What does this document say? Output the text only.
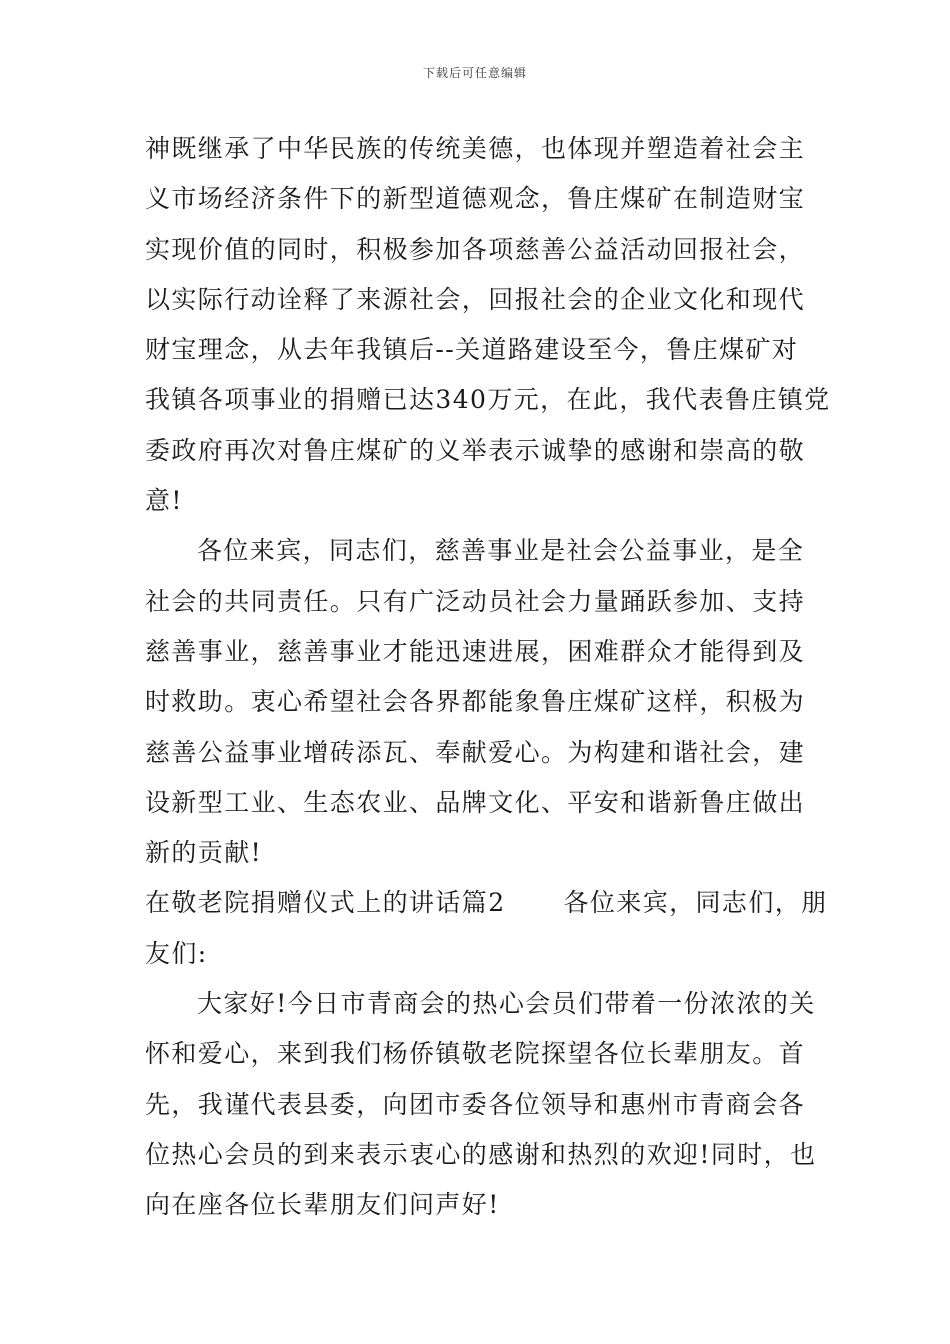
下载后可任意编辑
神既继承了中华民族的传统美德，也体现并塑造着社会主
义市场经济条件下的新型道德观念，鲁庄煤矿在制造财宝
实现价值的同时，积极参加各项慈善公益活动回报社会，
以实际行动诠释了来源社会，回报社会的企业文化和现代
财宝理念，从去年我镇后--关道路建设至今，鲁庄煤矿对
我镇各项事业的捐赠已达340万元，在此，我代表鲁庄镇党
委政府再次对鲁庄煤矿的义举表示诚挚的感谢和崇高的敬
意!
各位来宾，同志们，慈善事业是社会公益事业，是全
社会的共同责任。只有广泛动员社会力量踊跃参加、支持
慈善事业，慈善事业才能迅速进展，困难群众才能得到及
时救助。衷心希望社会各界都能象鲁庄煤矿这样，积极为
慈善公益事业增砖添瓦、奉献爱心。为构建和谐社会，建
设新型工业、生态农业、品牌文化、平安和谐新鲁庄做出
新的贡献!
在敬老院捐赠仪式上的讲话篇2 各位来宾，同志们，朋
友们:
大家好!今日市青商会的热心会员们带着一份浓浓的关
怀和爱心，来到我们杨侨镇敬老院探望各位长辈朋友。首
先，我谨代表县委，向团市委各位领导和惠州市青商会各
位热心会员的到来表示衷心的感谢和热烈的欢迎!同时，也
向在座各位长辈朋友们问声好!
